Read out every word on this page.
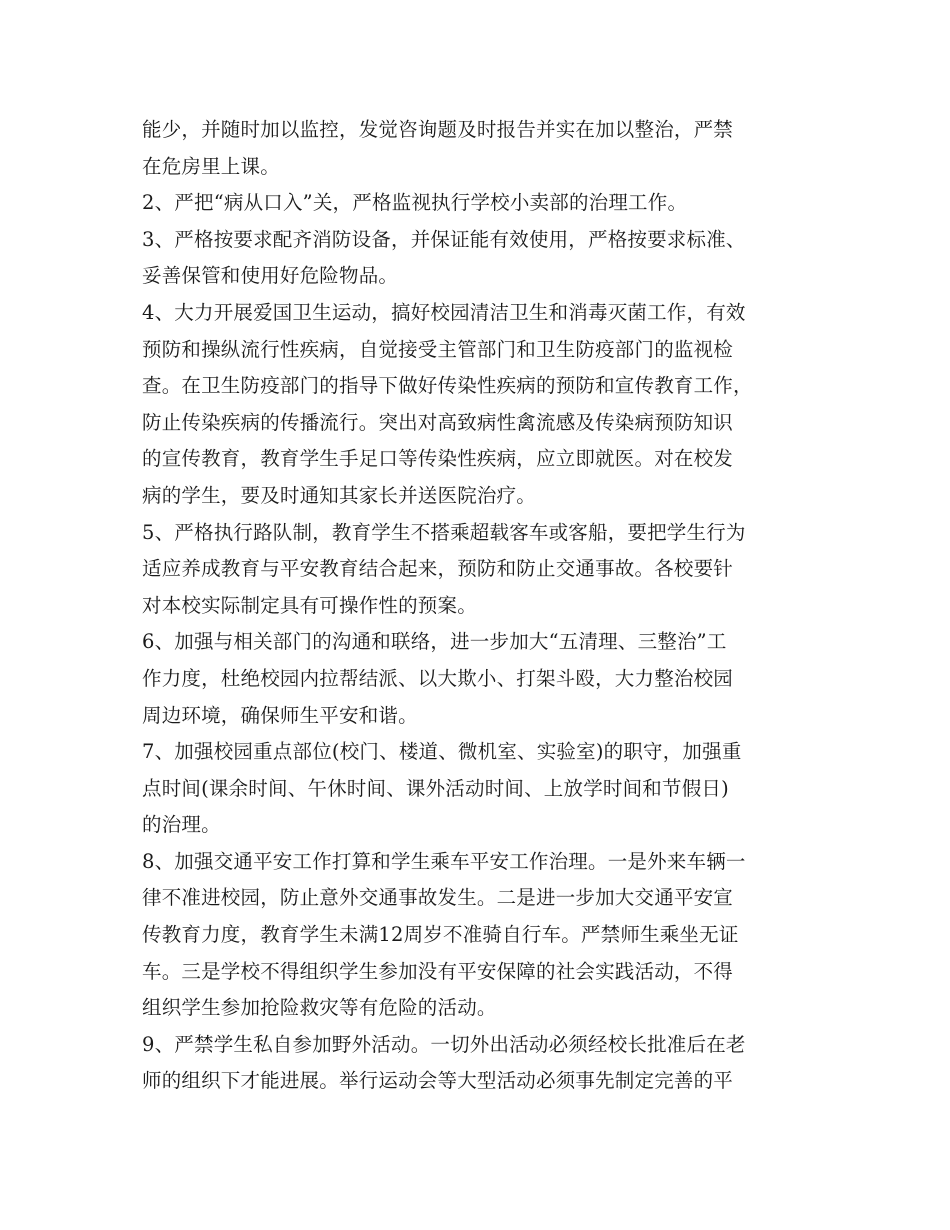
能少，并随时加以监控，发觉咨询题及时报告并实在加以整治，严禁
在危房里上课。
2、严把“病从口入”关，严格监视执行学校小卖部的治理工作。
3、严格按要求配齐消防设备，并保证能有效使用，严格按要求标准、
妥善保管和使用好危险物品。
4、大力开展爱国卫生运动，搞好校园清洁卫生和消毒灭菌工作，有效
预防和操纵流行性疾病，自觉接受主管部门和卫生防疫部门的监视检
查。在卫生防疫部门的指导下做好传染性疾病的预防和宣传教育工作，
防止传染疾病的传播流行。突出对高致病性禽流感及传染病预防知识
的宣传教育，教育学生手足口等传染性疾病，应立即就医。对在校发
病的学生，要及时通知其家长并送医院治疗。
5、严格执行路队制，教育学生不搭乘超载客车或客船，要把学生行为
适应养成教育与平安教育结合起来，预防和防止交通事故。各校要针
对本校实际制定具有可操作性的预案。
6、加强与相关部门的沟通和联络，进一步加大“五清理、三整治”工
作力度，杜绝校园内拉帮结派、以大欺小、打架斗殴，大力整治校园
周边环境，确保师生平安和谐。
7、加强校园重点部位(校门、楼道、微机室、实验室)的职守，加强重
点时间(课余时间、午休时间、课外活动时间、上放学时间和节假日)
的治理。
8、加强交通平安工作打算和学生乘车平安工作治理。一是外来车辆一
律不准进校园，防止意外交通事故发生。二是进一步加大交通平安宣
传教育力度，教育学生未满12周岁不准骑自行车。严禁师生乘坐无证
车。三是学校不得组织学生参加没有平安保障的社会实践活动，不得
组织学生参加抢险救灾等有危险的活动。
9、严禁学生私自参加野外活动。一切外出活动必须经校长批准后在老
师的组织下才能进展。举行运动会等大型活动必须事先制定完善的平
